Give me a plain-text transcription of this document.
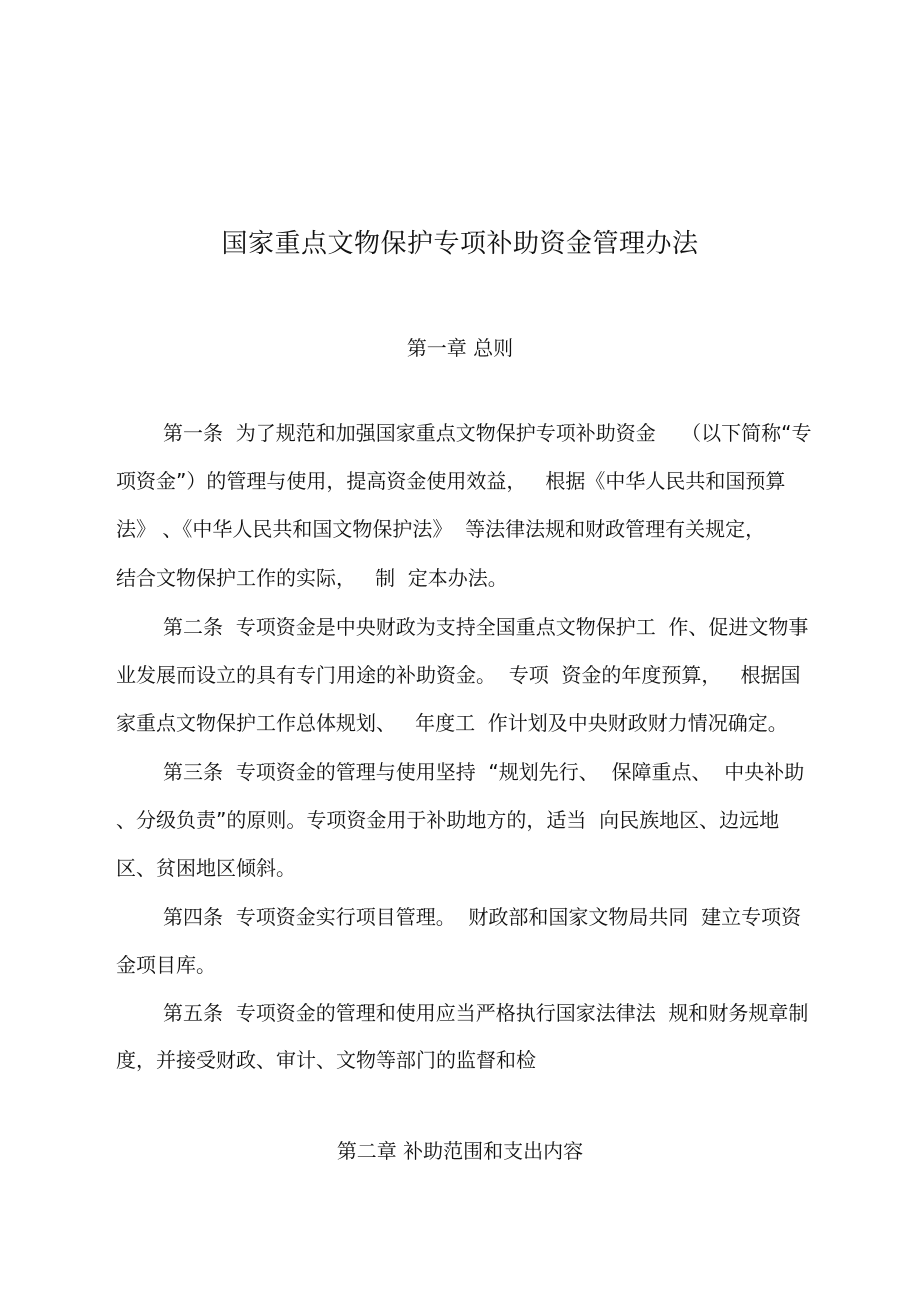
国家重点文物保护专项补助资金管理办法
第一章 总则
第一条  为了规范和加强国家重点文物保护专项补助资金    （以下简称“专
项资金”）的管理与使用，提高资金使用效益，   根据《中华人民共和国预算
法》 、《中华人民共和国文物保护法》  等法律法规和财政管理有关规定，
结合文物保护工作的实际，   制  定本办法。
第二条  专项资金是中央财政为支持全国重点文物保护工  作、促进文物事
业发展而设立的具有专门用途的补助资金。  专项  资金的年度预算，   根据国
家重点文物保护工作总体规划、   年度工  作计划及中央财政财力情况确定。
第三条  专项资金的管理与使用坚持  “规划先行、  保障重点、  中央补助
、分级负责”的原则。专项资金用于补助地方的，适当  向民族地区、边远地
区、贫困地区倾斜。
第四条  专项资金实行项目管理。  财政部和国家文物局共同  建立专项资
金项目库。
第五条  专项资金的管理和使用应当严格执行国家法律法  规和财务规章制
度，并接受财政、审计、文物等部门的监督和检
第二章 补助范围和支出内容
